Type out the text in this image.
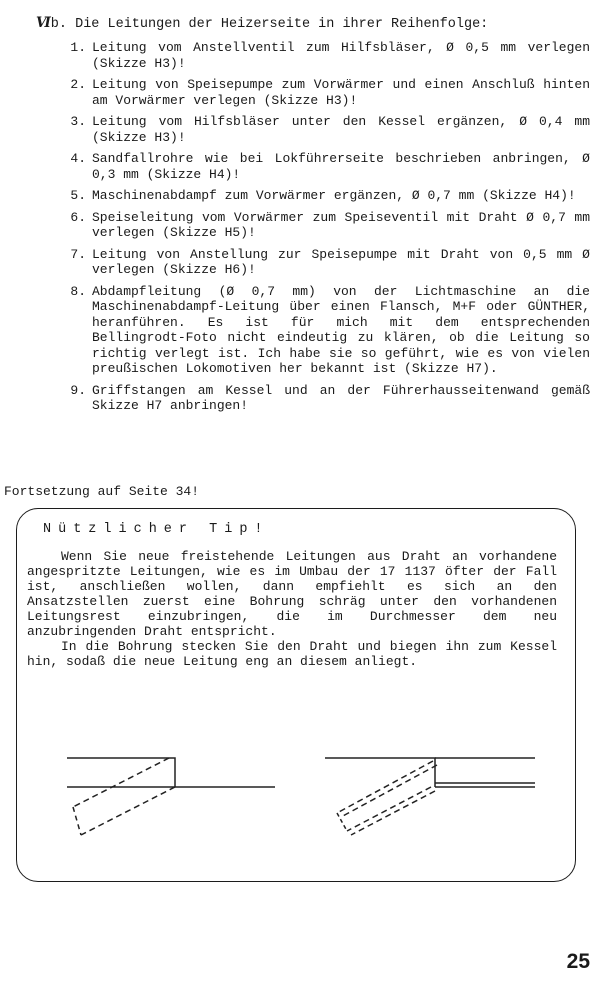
VI b. Die Leitungen der Heizerseite in ihrer Reihenfolge:
1. Leitung vom Anstellventil zum Hilfsbläser, Ø 0,5 mm verlegen (Skizze H3)!
2. Leitung von Speisepumpe zum Vorwärmer und einen Anschluß hinten am Vorwärmer verlegen (Skizze H3)!
3. Leitung vom Hilfsbläser unter den Kessel ergänzen, Ø 0,4 mm (Skizze H3)!
4. Sandfallrohre wie bei Lokführerseite beschrieben anbringen, Ø 0,3 mm (Skizze H4)!
5. Maschinenabdampf zum Vorwärmer ergänzen, Ø 0,7 mm (Skizze H4)!
6. Speiseleitung vom Vorwärmer zum Speiseventil mit Draht Ø 0,7 mm verlegen (Skizze H5)!
7. Leitung von Anstellung zur Speisepumpe mit Draht von 0,5 mm Ø verlegen (Skizze H6)!
8. Abdampfleitung (Ø 0,7 mm) von der Lichtmaschine an die Maschinenabdampf-Leitung über einen Flansch, M+F oder GÜNTHER, heranführen. Es ist für mich mit dem entsprechenden Bellingrodt-Foto nicht eindeutig zu klären, ob die Leitung so richtig verlegt ist. Ich habe sie so geführt, wie es von vielen preußischen Lokomotiven her bekannt ist (Skizze H7).
9. Griffstangen am Kessel und an der Führerhausseitenwand gemäß Skizze H7 anbringen!
Fortsetzung auf Seite 34!
Nützlicher Tip!

Wenn Sie neue freistehende Leitungen aus Draht an vorhandene angespritzte Leitungen, wie es im Umbau der 17 1137 öfter der Fall ist, anschließen wollen, dann empfiehlt es sich an den Ansatzstellen zuerst eine Bohrung schräg unter den vorhandenen Leitungsrest einzubringen, die im Durchmesser dem neu anzubringenden Draht entspricht.

In die Bohrung stecken Sie den Draht und biegen ihn zum Kessel hin, sodaß die neue Leitung eng an diesem anliegt.

25
